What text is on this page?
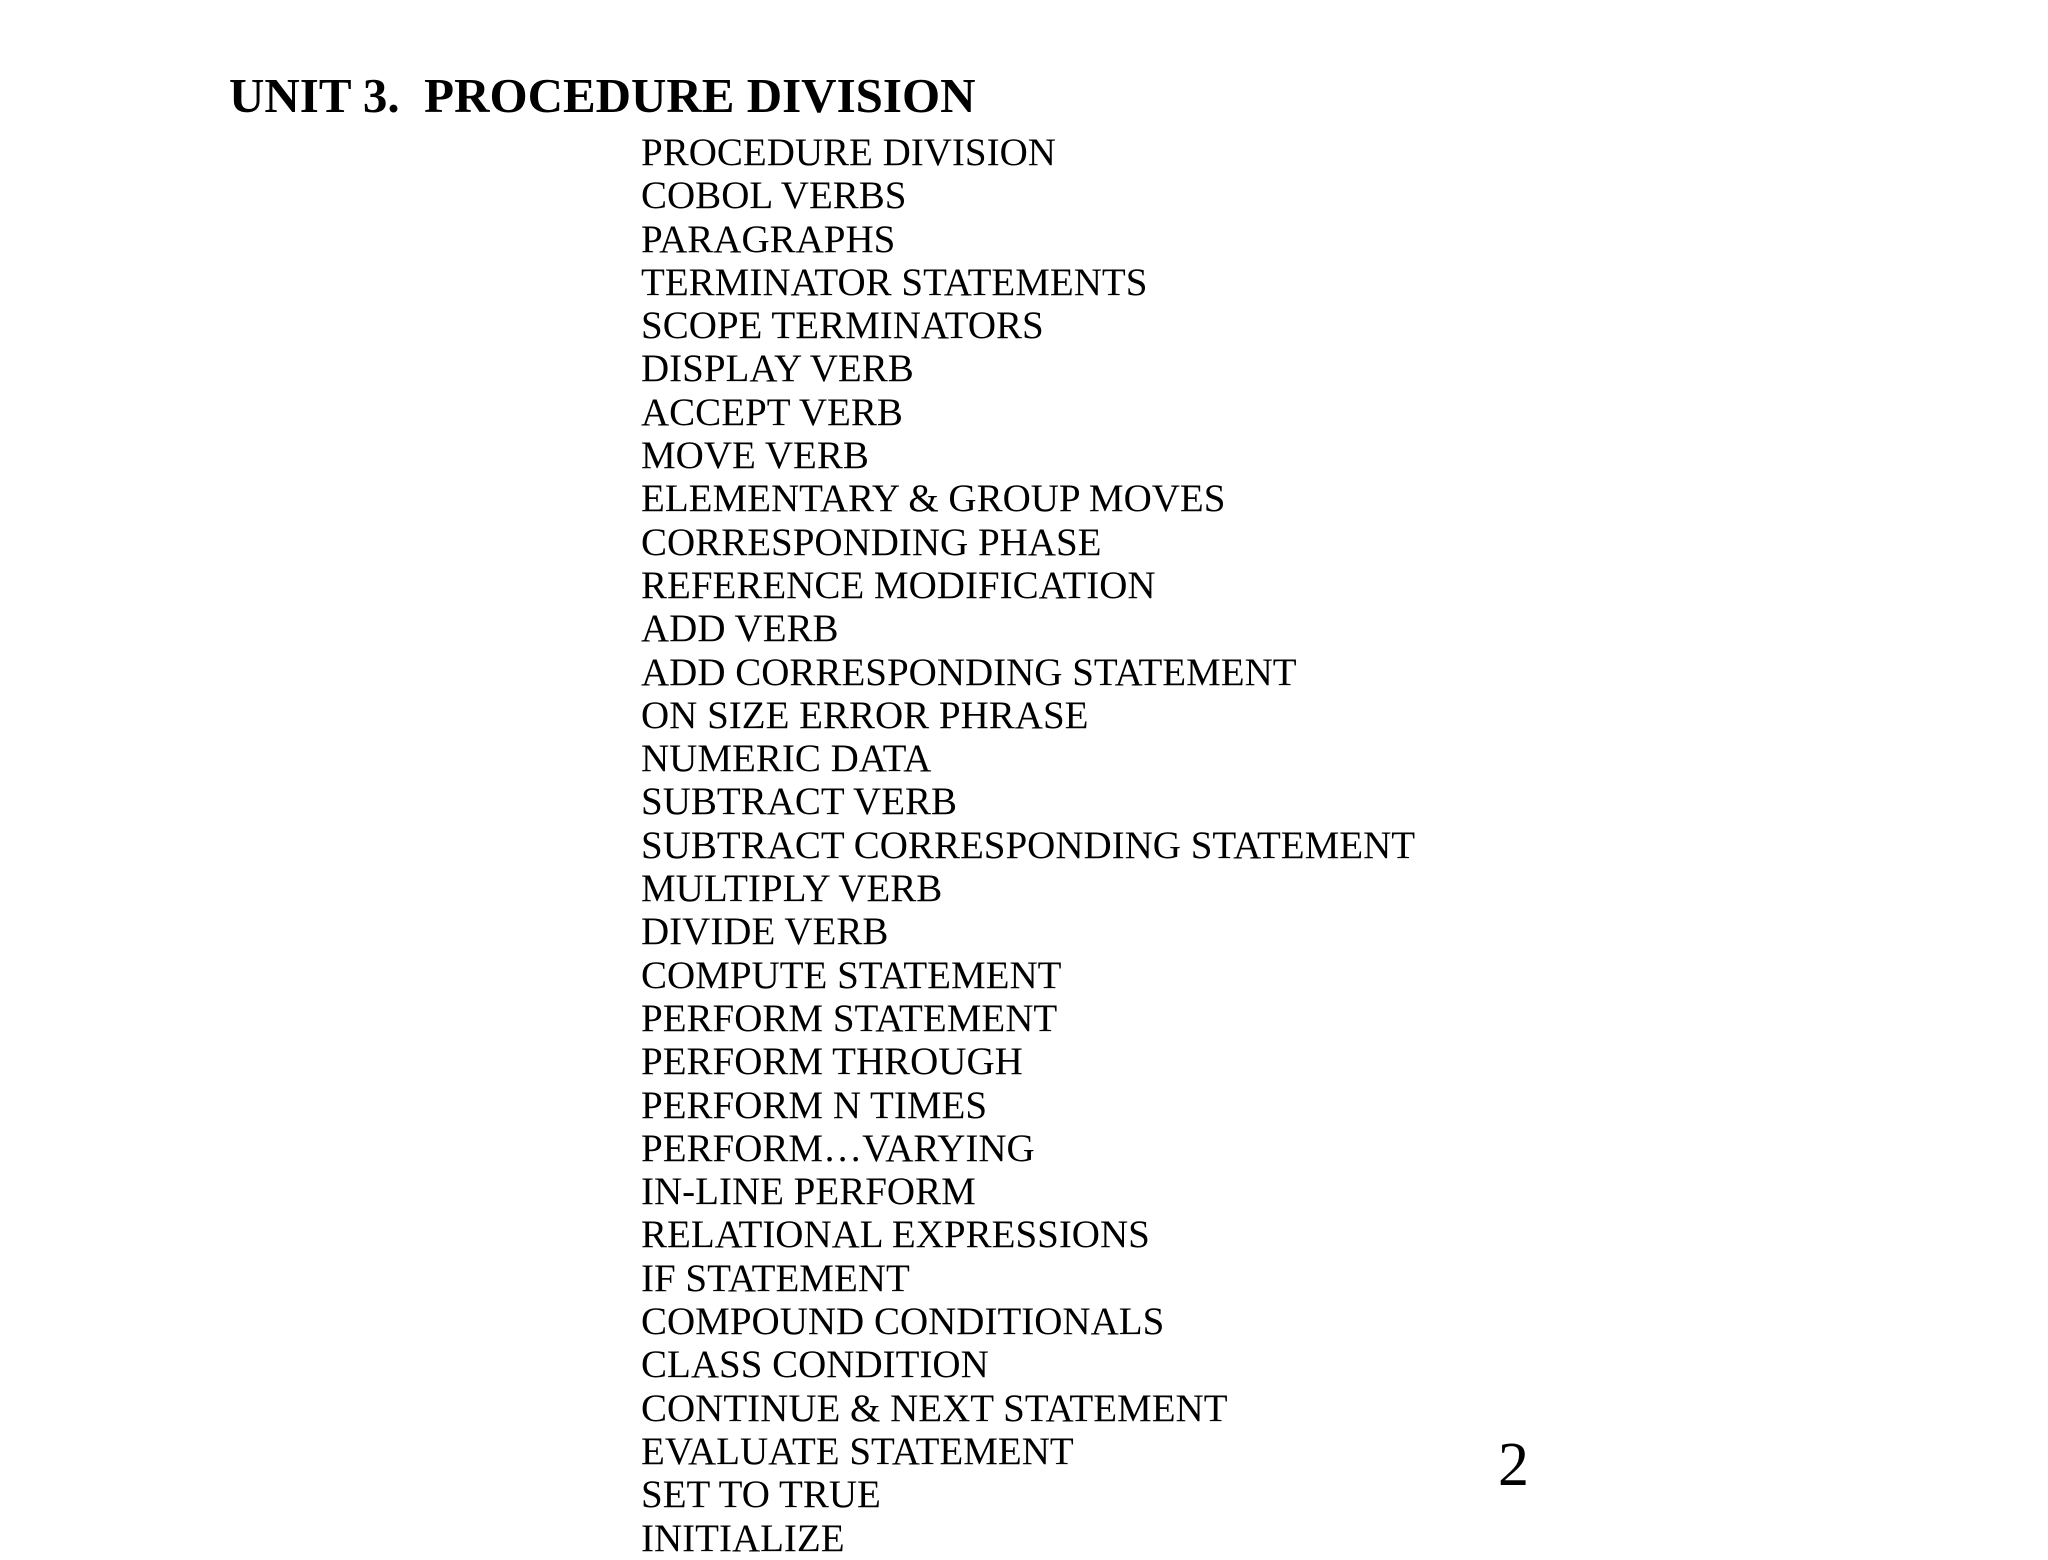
UNIT 3.  PROCEDURE DIVISION
PROCEDURE DIVISION
COBOL VERBS
PARAGRAPHS
TERMINATOR STATEMENTS
SCOPE TERMINATORS
DISPLAY VERB
ACCEPT VERB
MOVE VERB
ELEMENTARY & GROUP MOVES
CORRESPONDING PHASE
REFERENCE MODIFICATION
ADD VERB
ADD CORRESPONDING STATEMENT
ON SIZE ERROR PHRASE
NUMERIC DATA
SUBTRACT VERB
SUBTRACT CORRESPONDING STATEMENT
MULTIPLY VERB
DIVIDE VERB
COMPUTE STATEMENT
PERFORM STATEMENT
PERFORM THROUGH
PERFORM N TIMES
PERFORM…VARYING
IN-LINE PERFORM
RELATIONAL EXPRESSIONS
IF STATEMENT
COMPOUND CONDITIONALS
CLASS CONDITION
CONTINUE & NEXT STATEMENT
EVALUATE STATEMENT
SET TO TRUE
INITIALIZE
2
